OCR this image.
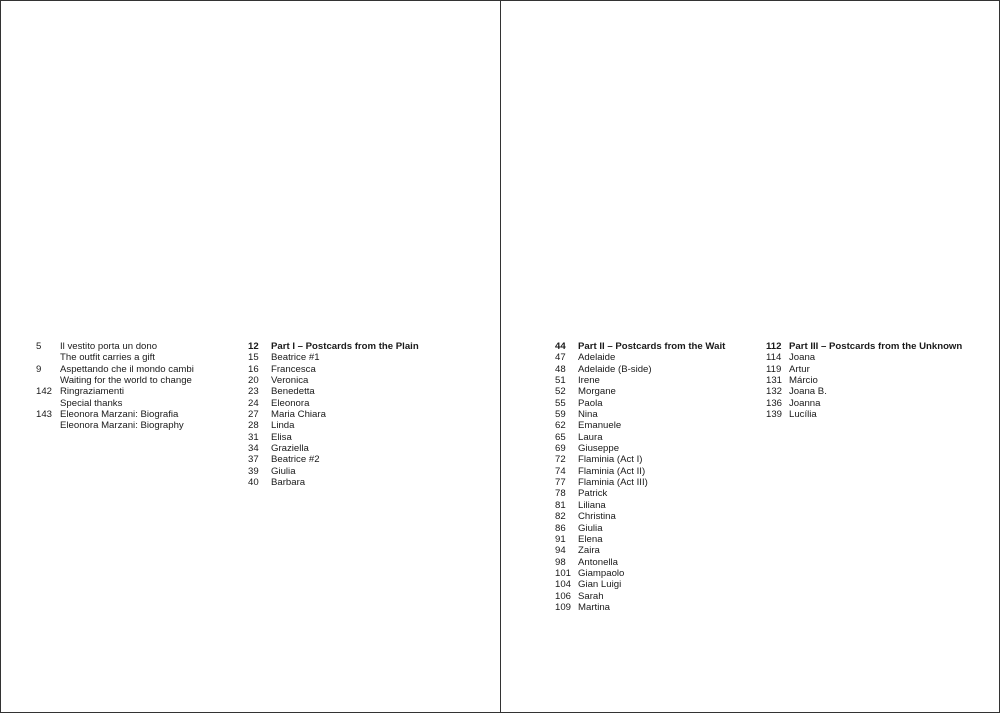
5	Il vestito porta un dono
The outfit carries a gift
9	Aspettando che il mondo cambi
Waiting for the world to change
142 Ringraziamenti
Special thanks
143 Eleonora Marzani: Biografia
Eleonora Marzani: Biography
12	Part I – Postcards from the Plain
15	Beatrice #1
16	Francesca
20	Veronica
23	Benedetta
24	Eleonora
27	Maria Chiara
28	Linda
31	Elisa
34	Graziella
37	Beatrice #2
39	Giulia
40	Barbara
44	Part II – Postcards from the Wait
47	Adelaide
48	Adelaide (B-side)
51	Irene
52	Morgane
55	Paola
59	Nina
62	Emanuele
65	Laura
69	Giuseppe
72	Flaminia (Act I)
74	Flaminia (Act II)
77	Flaminia (Act III)
78	Patrick
81	Liliana
82	Christina
86	Giulia
91	Elena
94	Zaira
98	Antonella
101 Giampaolo
104 Gian Luigi
106 Sarah
109 Martina
112 Part III – Postcards from the Unknown
114 Joana
119 Artur
131 Márcio
132 Joana B.
136 Joanna
139 Lucília
